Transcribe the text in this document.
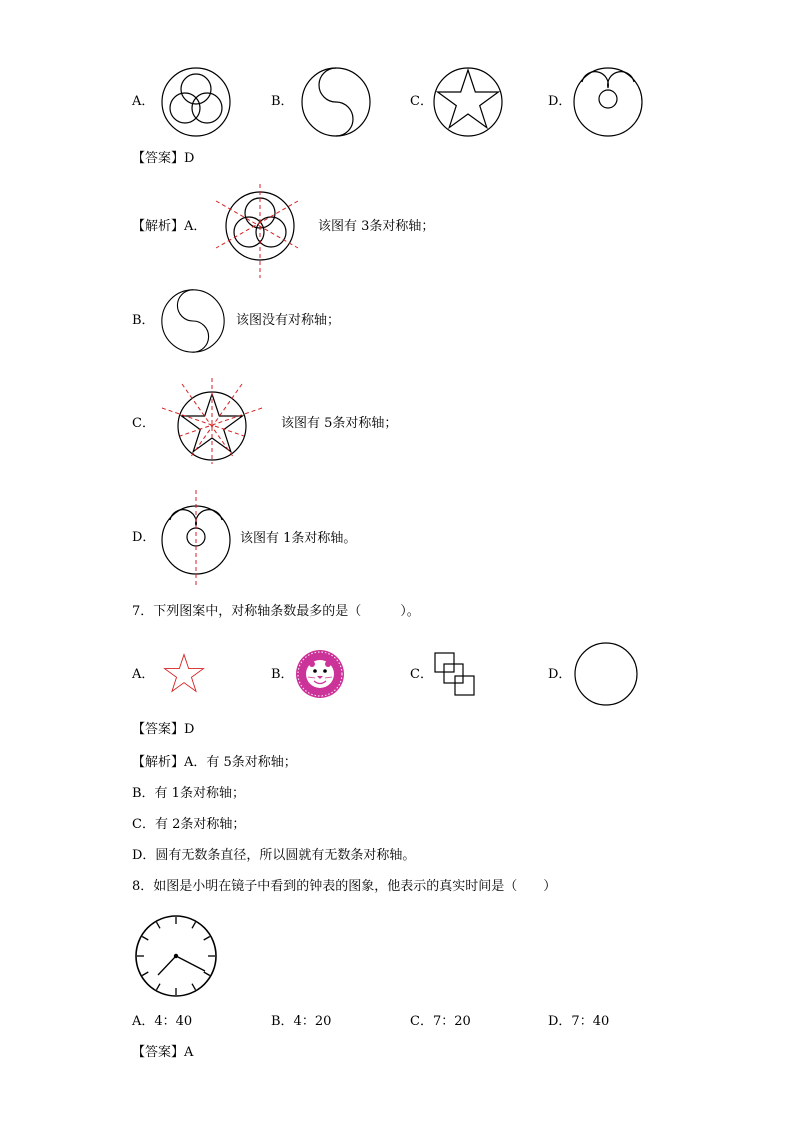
A．	B．	C．	D．
【答案】D
【解析】A．	该图有 3条对称轴；
B．	该图没有对称轴；
C．	该图有 5条对称轴；
D．	该图有 1条对称轴。
7．下列图案中，对称轴条数最多的是（　　　）。
A．	B．	C．	D．
【答案】D
【解析】A．有 5条对称轴；
B．有 1条对称轴；
C．有 2条对称轴；
D．圆有无数条直径，所以圆就有无数条对称轴。
8．如图是小明在镜子中看到的钟表的图象，他表示的真实时间是（　　）
A．4：40	B．4：20	C．7：20	D．7：40
【答案】A
